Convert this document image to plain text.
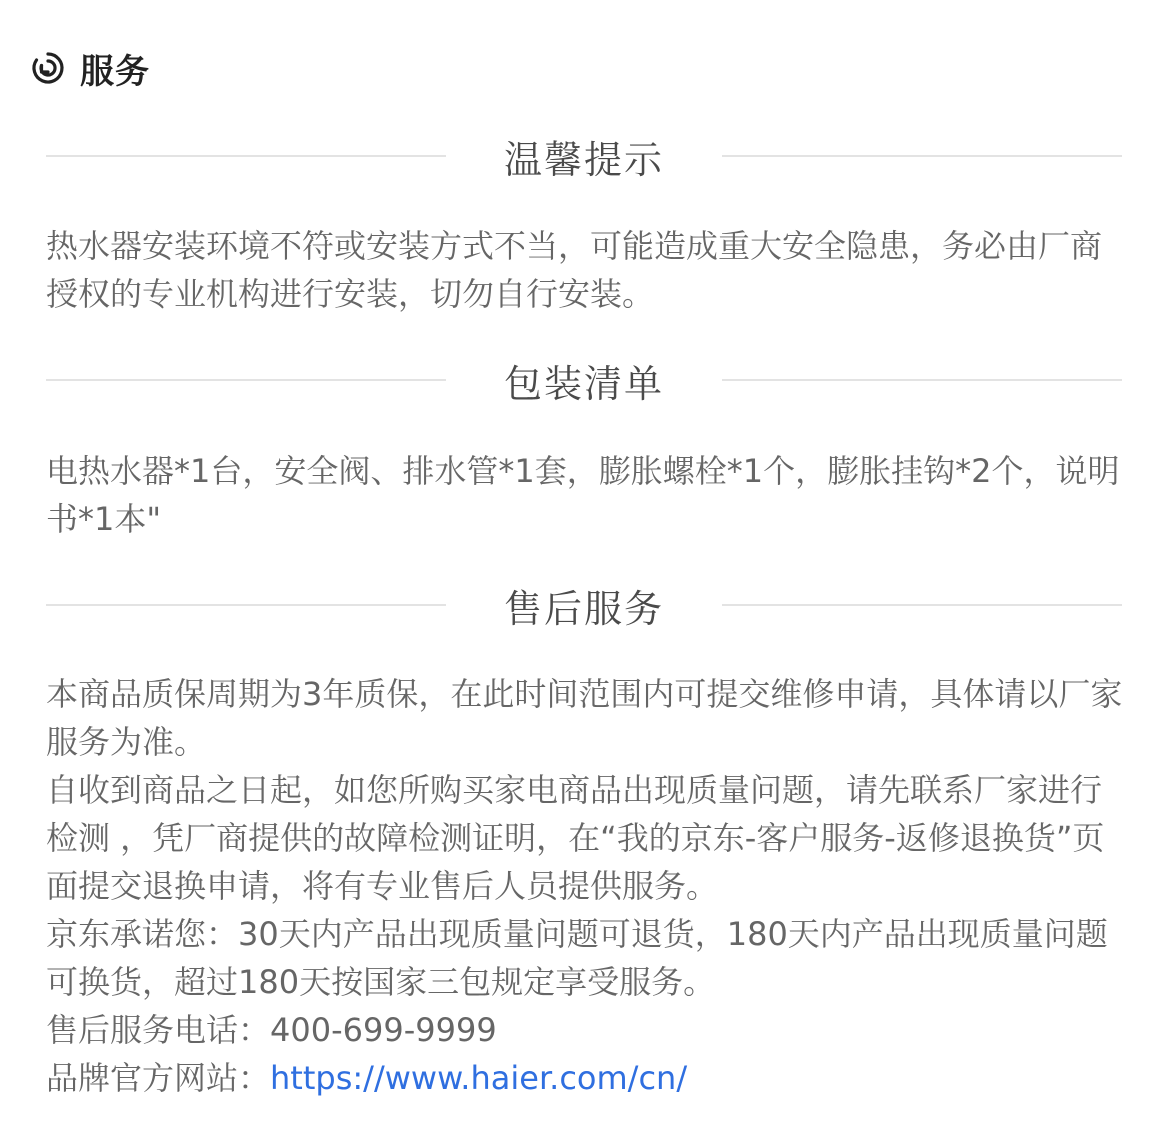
服务
温馨提示

热水器安装环境不符或安装方式不当，可能造成重大安全隐患，务必由厂商授权的专业机构进行安装，切勿自行安装。

包装清单

电热水器*1台，安全阀、排水管*1套，膨胀螺栓*1个，膨胀挂钩*2个，说明书*1本"

售后服务

本商品质保周期为3年质保，在此时间范围内可提交维修申请，具体请以厂家服务为准。

自收到商品之日起，如您所购买家电商品出现质量问题，请先联系厂家进行检测 ，凭厂商提供的故障检测证明，在“我的京东-客户服务-返修退换货”页面提交退换申请，将有专业售后人员提供服务。

京东承诺您：30天内产品出现质量问题可退货，180天内产品出现质量问题可换货，超过180天按国家三包规定享受服务。

售后服务电话：400-699-9999

品牌官方网站：https://www.haier.com/cn/
